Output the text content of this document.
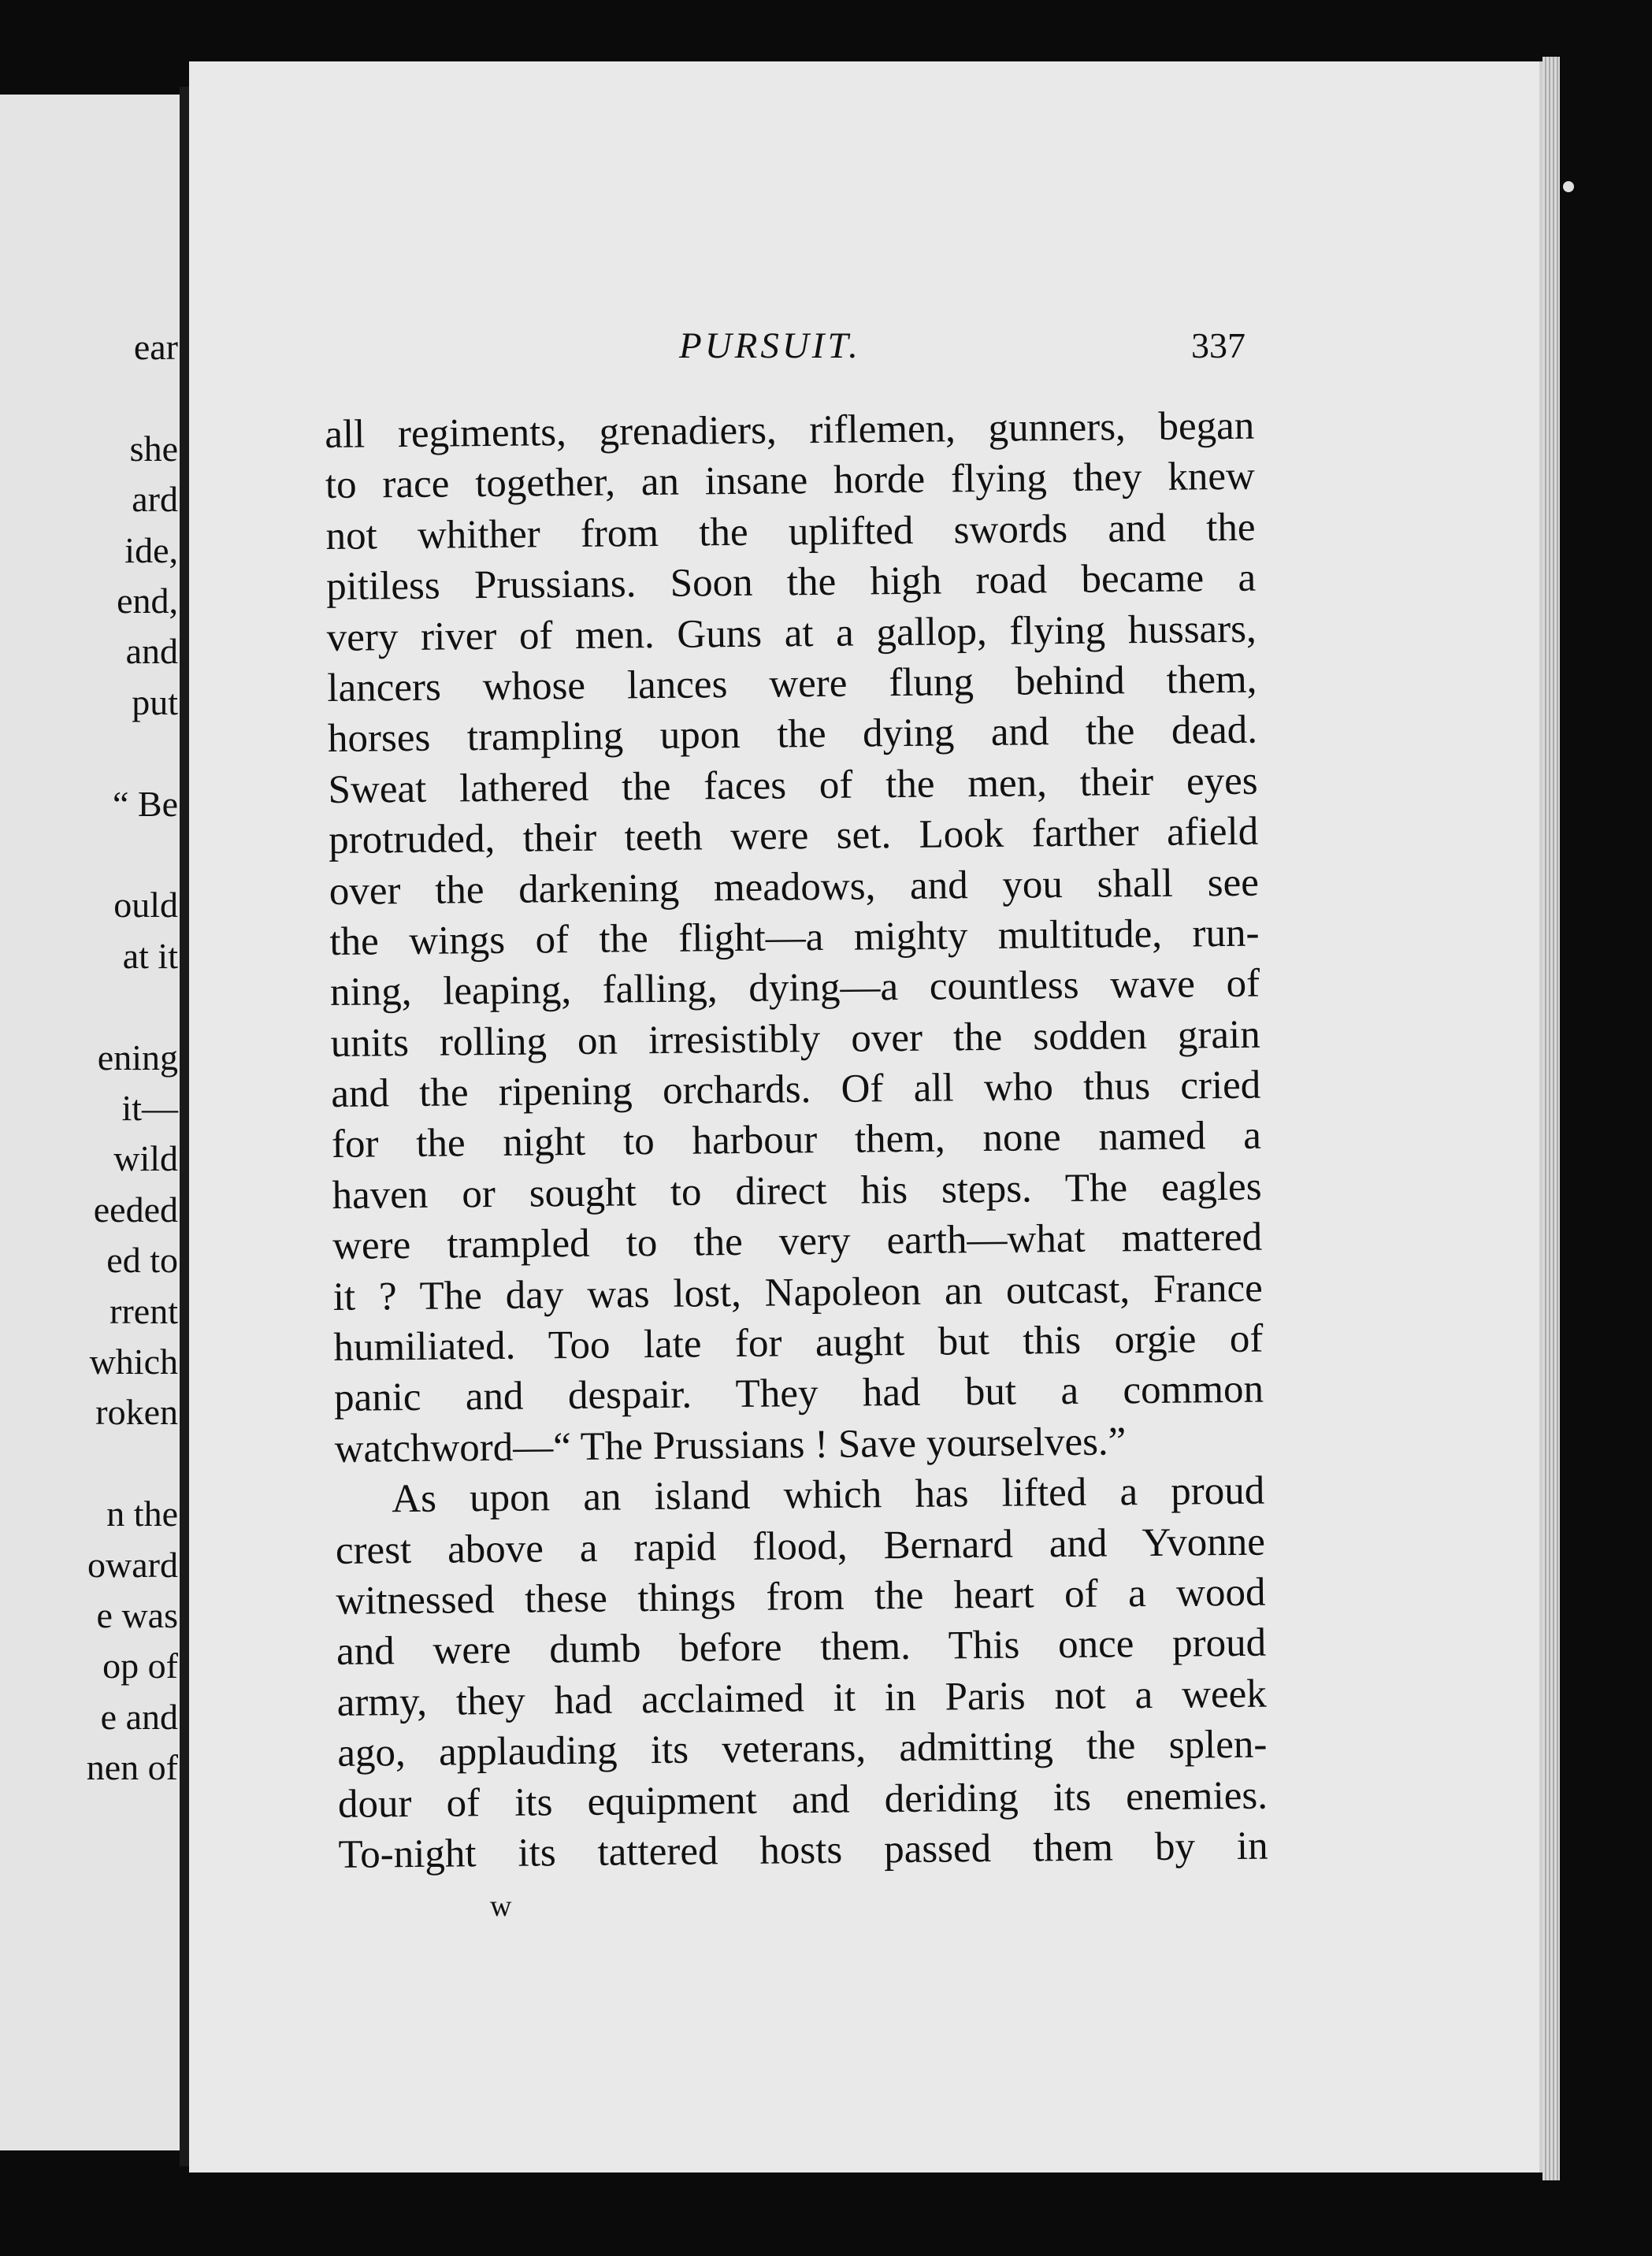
ear
she
ard
ide,
end,
and
put
“ Be
ould
at it
ening
it—
wild
eeded
ed to
rrent
which
roken
n the
oward
e was
op of
e and
nen of
PURSUIT.	337
all regiments, grenadiers, riflemen, gunners, began
to race together, an insane horde flying they knew
not whither from the uplifted swords and the
pitiless Prussians. Soon the high road became a
very river of men. Guns at a gallop, flying hussars,
lancers whose lances were flung behind them,
horses trampling upon the dying and the dead.
Sweat lathered the faces of the men, their eyes
protruded, their teeth were set. Look farther afield
over the darkening meadows, and you shall see
the wings of the flight—a mighty multitude, run-
ning, leaping, falling, dying—a countless wave of
units rolling on irresistibly over the sodden grain
and the ripening orchards. Of all who thus cried
for the night to harbour them, none named a
haven or sought to direct his steps. The eagles
were trampled to the very earth—what mattered
it ? The day was lost, Napoleon an outcast, France
humiliated. Too late for aught but this orgie of
panic and despair. They had but a common
watchword—“ The Prussians ! Save yourselves.”
As upon an island which has lifted a proud
crest above a rapid flood, Bernard and Yvonne
witnessed these things from the heart of a wood
and were dumb before them. This once proud
army, they had acclaimed it in Paris not a week
ago, applauding its veterans, admitting the splen-
dour of its equipment and deriding its enemies.
To-night its tattered hosts passed them by in
w
